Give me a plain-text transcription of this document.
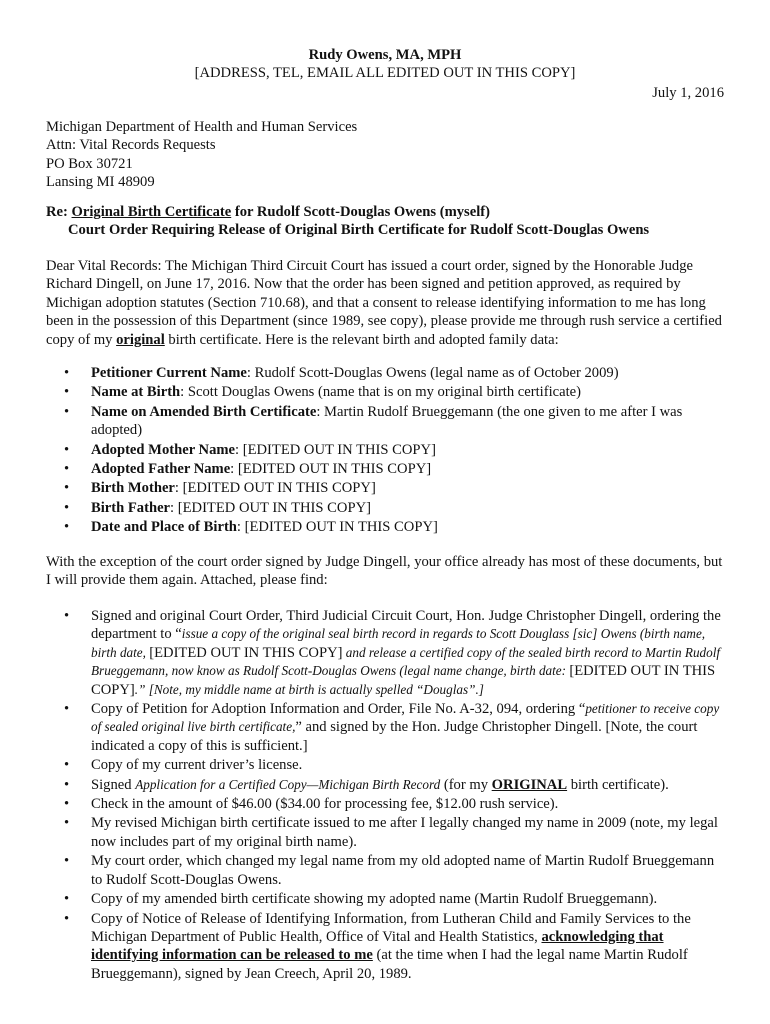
Rudy Owens, MA, MPH
[ADDRESS, TEL, EMAIL ALL EDITED OUT IN THIS COPY]
July 1, 2016
Michigan Department of Health and Human Services
Attn: Vital Records Requests
PO Box 30721
Lansing MI 48909
Re: Original Birth Certificate for Rudolf Scott-Douglas Owens (myself)
Court Order Requiring Release of Original Birth Certificate for Rudolf Scott-Douglas Owens
Dear Vital Records: The Michigan Third Circuit Court has issued a court order, signed by the Honorable Judge Richard Dingell, on June 17, 2016. Now that the order has been signed and petition approved, as required by Michigan adoption statutes (Section 710.68), and that a consent to release identifying information to me has long been in the possession of this Department (since 1989, see copy), please provide me through rush service a certified copy of my original birth certificate. Here is the relevant birth and adopted family data:
• Petitioner Current Name: Rudolf Scott-Douglas Owens (legal name as of October 2009)
• Name at Birth: Scott Douglas Owens (name that is on my original birth certificate)
• Name on Amended Birth Certificate: Martin Rudolf Brueggemann (the one given to me after I was adopted)
• Adopted Mother Name: [EDITED OUT IN THIS COPY]
• Adopted Father Name: [EDITED OUT IN THIS COPY]
• Birth Mother: [EDITED OUT IN THIS COPY]
• Birth Father: [EDITED OUT IN THIS COPY]
• Date and Place of Birth: [EDITED OUT IN THIS COPY]
With the exception of the court order signed by Judge Dingell, your office already has most of these documents, but I will provide them again. Attached, please find:
• Signed and original Court Order, Third Judicial Circuit Court, Hon. Judge Christopher Dingell, ordering the department to “issue a copy of the original seal birth record in regards to Scott Douglass [sic] Owens (birth name, birth date, [EDITED OUT IN THIS COPY] and release a certified copy of the sealed birth record to Martin Rudolf Brueggemann, now know as Rudolf Scott-Douglas Owens (legal name change, birth date: [EDITED OUT IN THIS COPY].” [Note, my middle name at birth is actually spelled “Douglas”.]
• Copy of Petition for Adoption Information and Order, File No. A-32, 094, ordering “petitioner to receive copy of sealed original live birth certificate,” and signed by the Hon. Judge Christopher Dingell. [Note, the court indicated a copy of this is sufficient.]
• Copy of my current driver’s license.
• Signed Application for a Certified Copy—Michigan Birth Record (for my ORIGINAL birth certificate).
• Check in the amount of $46.00 ($34.00 for processing fee, $12.00 rush service).
• My revised Michigan birth certificate issued to me after I legally changed my name in 2009 (note, my legal now includes part of my original birth name).
• My court order, which changed my legal name from my old adopted name of Martin Rudolf Brueggemann to Rudolf Scott-Douglas Owens.
• Copy of my amended birth certificate showing my adopted name (Martin Rudolf Brueggemann).
• Copy of Notice of Release of Identifying Information, from Lutheran Child and Family Services to the Michigan Department of Public Health, Office of Vital and Health Statistics, acknowledging that identifying information can be released to me (at the time when I had the legal name Martin Rudolf Brueggemann), signed by Jean Creech, April 20, 1989.
